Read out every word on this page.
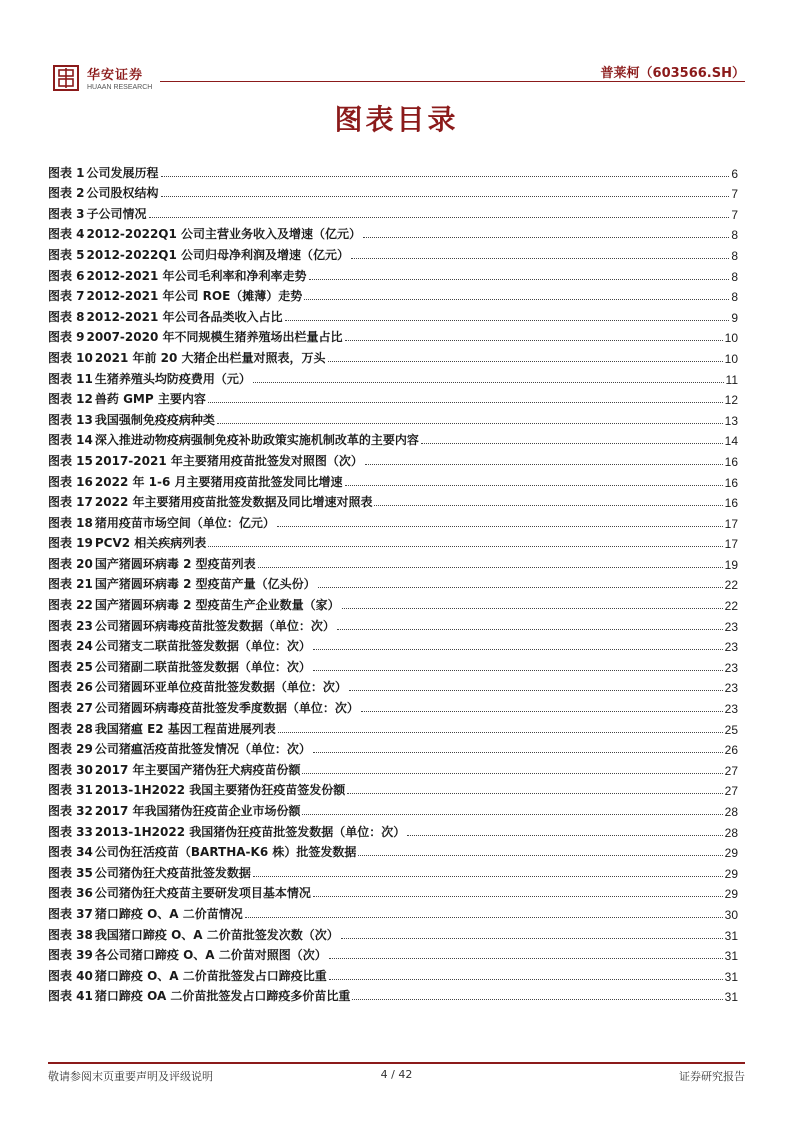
华安证券
HUAAN RESEARCH
普莱柯（603566.SH）
图表目录
图表 1 公司发展历程	6
图表 2 公司股权结构	7
图表 3 子公司情况	7
图表 4 2012-2022Q1 公司主营业务收入及增速（亿元）	8
图表 5 2012-2022Q1 公司归母净利润及增速（亿元）	8
图表 6 2012-2021 年公司毛利率和净利率走势	8
图表 7 2012-2021 年公司 ROE（摊薄）走势	8
图表 8 2012-2021 年公司各品类收入占比	9
图表 9 2007-2020 年不同规模生猪养殖场出栏量占比	10
图表 10 2021 年前 20 大猪企出栏量对照表，万头	10
图表 11 生猪养殖头均防疫费用（元）	11
图表 12 兽药 GMP 主要内容	12
图表 13 我国强制免疫疫病种类	13
图表 14 深入推进动物疫病强制免疫补助政策实施机制改革的主要内容	14
图表 15 2017-2021 年主要猪用疫苗批签发对照图（次）	16
图表 16 2022 年 1-6 月主要猪用疫苗批签发同比增速	16
图表 17 2022 年主要猪用疫苗批签发数据及同比增速对照表	16
图表 18 猪用疫苗市场空间（单位：亿元）	17
图表 19 PCV2 相关疾病列表	17
图表 20 国产猪圆环病毒 2 型疫苗列表	19
图表 21 国产猪圆环病毒 2 型疫苗产量（亿头份）	22
图表 22 国产猪圆环病毒 2 型疫苗生产企业数量（家）	22
图表 23 公司猪圆环病毒疫苗批签发数据（单位：次）	23
图表 24 公司猪支二联苗批签发数据（单位：次）	23
图表 25 公司猪副二联苗批签发数据（单位：次）	23
图表 26 公司猪圆环亚单位疫苗批签发数据（单位：次）	23
图表 27 公司猪圆环病毒疫苗批签发季度数据（单位：次）	23
图表 28 我国猪瘟 E2 基因工程苗进展列表	25
图表 29 公司猪瘟活疫苗批签发情况（单位：次）	26
图表 30 2017 年主要国产猪伪狂犬病疫苗份额	27
图表 31 2013-1H2022 我国主要猪伪狂疫苗签发份额	27
图表 32 2017 年我国猪伪狂疫苗企业市场份额	28
图表 33 2013-1H2022 我国猪伪狂疫苗批签发数据（单位：次）	28
图表 34 公司伪狂活疫苗（BARTHA-K6 株）批签发数据	29
图表 35 公司猪伪狂犬疫苗批签发数据	29
图表 36 公司猪伪狂犬疫苗主要研发项目基本情况	29
图表 37 猪口蹄疫 O、A 二价苗情况	30
图表 38 我国猪口蹄疫 O、A 二价苗批签发次数（次）	31
图表 39 各公司猪口蹄疫 O、A 二价苗对照图（次）	31
图表 40 猪口蹄疫 O、A 二价苗批签发占口蹄疫比重	31
图表 41 猪口蹄疫 OA 二价苗批签发占口蹄疫多价苗比重	31
敬请参阅末页重要声明及评级说明	4 / 42	证券研究报告
